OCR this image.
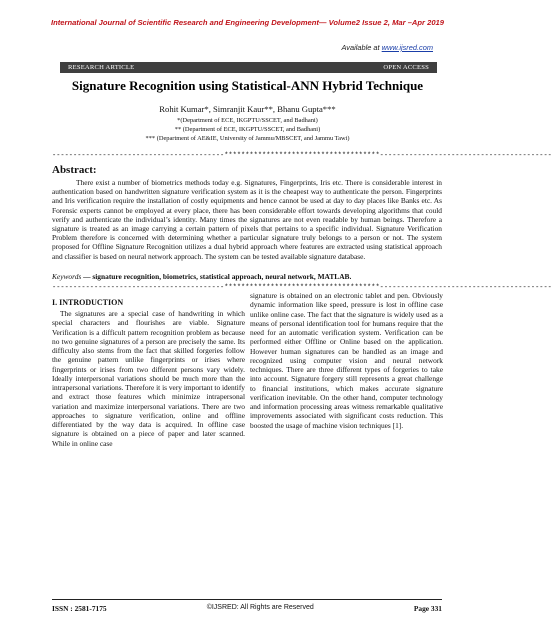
International Journal of Scientific Research and Engineering Development— Volume2 Issue 2, Mar –Apr 2019
Available at www.ijsred.com
RESEARCH ARTICLE	OPEN ACCESS
Signature Recognition using Statistical-ANN Hybrid Technique
Rohit Kumar*, Simranjit Kaur**, Bhanu Gupta***
*(Department of ECE, IKGPTU/SSCET, and Badhani)
** (Department of ECE, IKGPTU/SSCET, and Badhani)
*** (Department of AE&IE, University of Jammu/MBSCET, and Jammu Tawi)
-----------------------------------------*************************************-----------------------------------------
Abstract:

There exist a number of biometrics methods today e.g. Signatures, Fingerprints, Iris etc. There is considerable interest in authentication based on handwritten signature verification system as it is the cheapest way to authenticate the person. Fingerprints and Iris verification require the installation of costly equipments and hence cannot be used at day to day places like Banks etc. As Forensic experts cannot be employed at every place, there has been considerable effort towards developing algorithms that could verify and authenticate the individual’s identity. Many times the signatures are not even readable by human beings. Therefore a signature is treated as an image carrying a certain pattern of pixels that pertains to a specific individual. Signature Verification Problem therefore is concerned with determining whether a particular signature truly belongs to a person or not. The system proposed for Offline Signature Recognition utilizes a dual hybrid approach where features are extracted using statistical approach and classifier is based on neural network approach. The system can be tested available signature database.

Keywords — signature recognition, biometrics, statistical approach, neural network, MATLAB.
-----------------------------------------*************************************-----------------------------------------
I. INTRODUCTION

The signatures are a special case of handwriting in which special characters and flourishes are viable. Signature Verification is a difficult pattern recognition problem as because no two genuine signatures of a person are precisely the same. Its difficulty also stems from the fact that skilled forgeries follow the genuine pattern unlike fingerprints or irises where fingerprints or irises from two different persons vary widely. Ideally interpersonal variations should be much more than the intrapersonal variations. Therefore it is very important to identify and extract those features which minimize intrapersonal variation and maximize interpersonal variations. There are two approaches to signature verification, online and offline differentiated by the way data is acquired. In offline case signature is obtained on a piece of paper and later scanned. While in online case

signature is obtained on an electronic tablet and pen. Obviously dynamic information like speed, pressure is lost in offline case unlike online case. The fact that the signature is widely used as a means of personal identification tool for humans require that the need for an automatic verification system. Verification can be performed either Offline or Online based on the application. However human signatures can be handled as an image and recognized using computer vision and neural network techniques. There are three different types of forgeries to take into account. Signature forgery still represents a great challenge to financial institutions, which makes accurate signature verification inevitable. On the other hand, computer technology and information processing areas witness remarkable qualitative improvements associated with significant costs reduction. This boosted the usage of machine vision techniques [1].

ISSN : 2581-7175	©IJSRED: All Rights are Reserved	Page 331
